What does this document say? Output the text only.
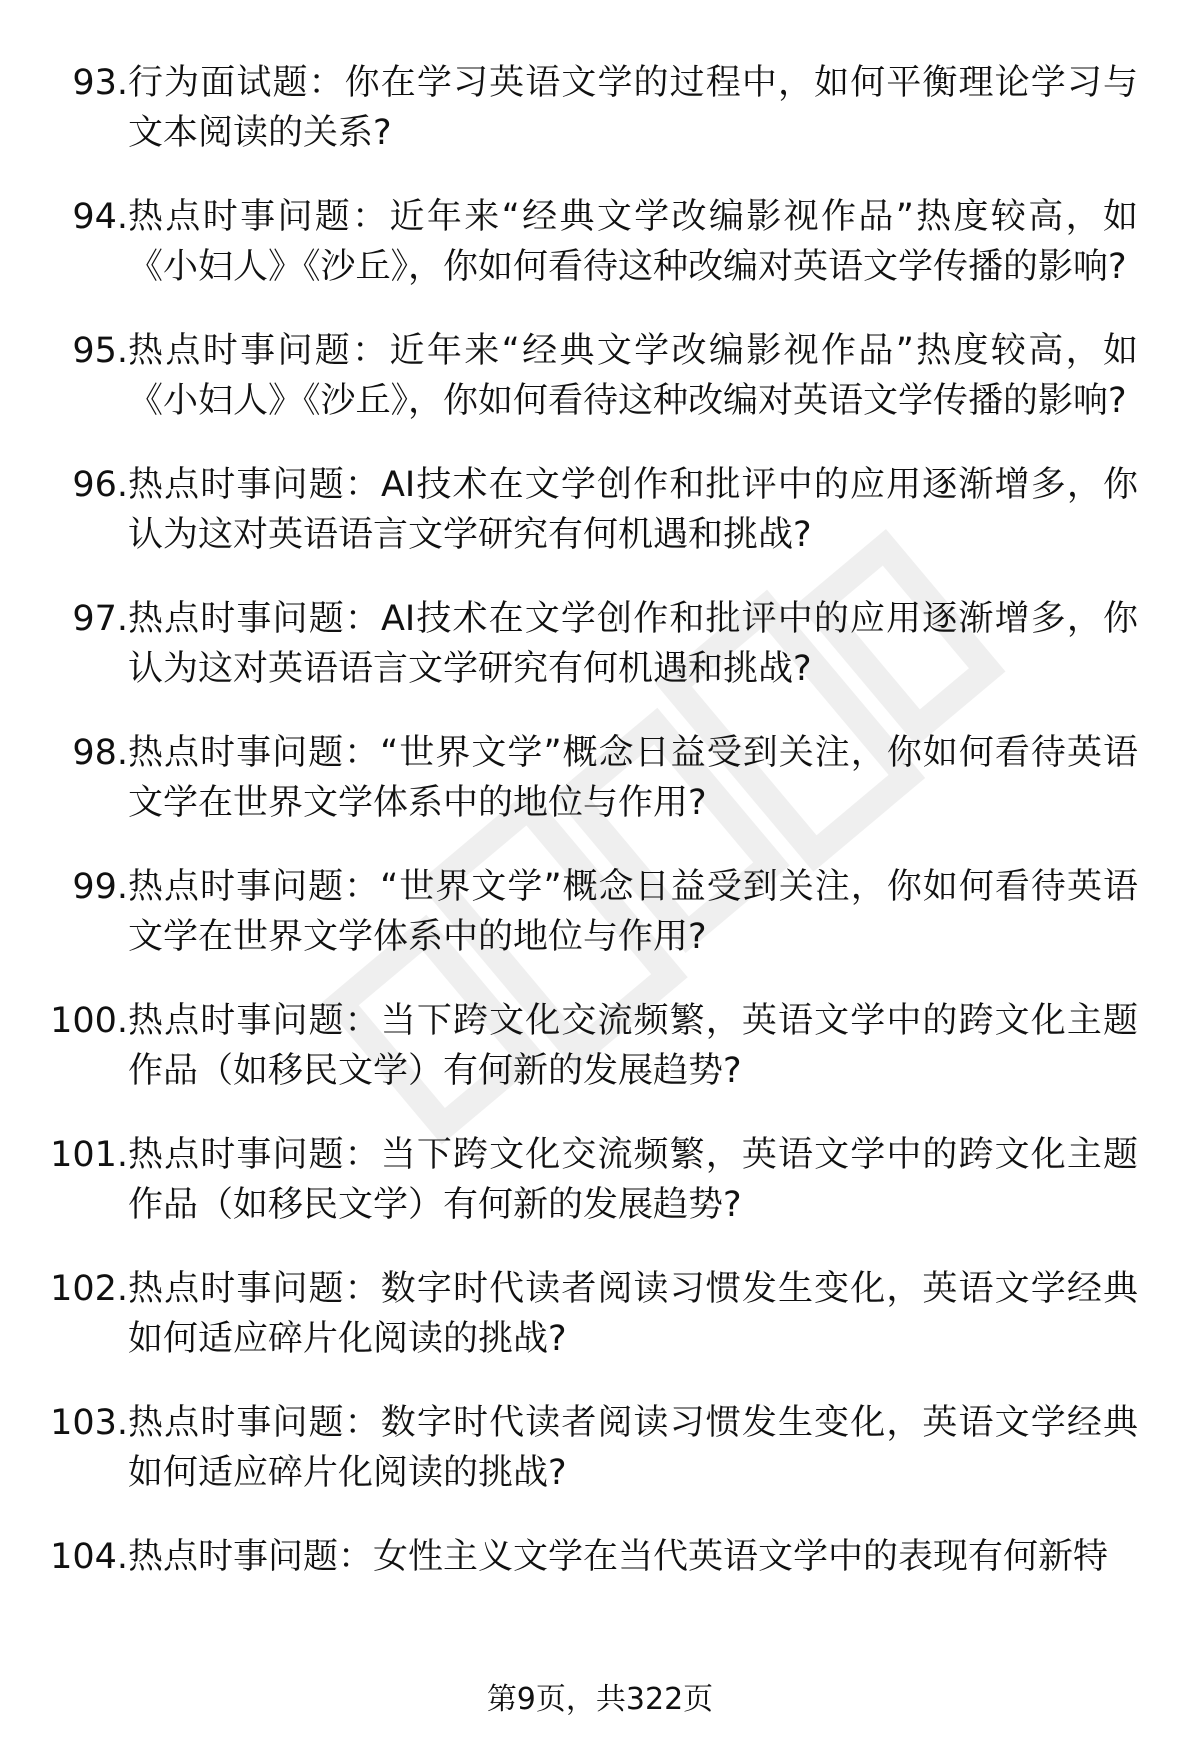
93. 行为面试题：你在学习英语文学的过程中，如何平衡理论学习与文本阅读的关系?
94. 热点时事问题：近年来“经典文学改编影视作品”热度较高，如《小妇人》《沙丘》，你如何看待这种改编对英语文学传播的影响?
95. 热点时事问题：近年来“经典文学改编影视作品”热度较高，如《小妇人》《沙丘》，你如何看待这种改编对英语文学传播的影响?
96. 热点时事问题：AI技术在文学创作和批评中的应用逐渐增多，你认为这对英语语言文学研究有何机遇和挑战?
97. 热点时事问题：AI技术在文学创作和批评中的应用逐渐增多，你认为这对英语语言文学研究有何机遇和挑战?
98. 热点时事问题：“世界文学”概念日益受到关注，你如何看待英语文学在世界文学体系中的地位与作用?
99. 热点时事问题：“世界文学”概念日益受到关注，你如何看待英语文学在世界文学体系中的地位与作用?
100. 热点时事问题：当下跨文化交流频繁，英语文学中的跨文化主题作品（如移民文学）有何新的发展趋势?
101. 热点时事问题：当下跨文化交流频繁，英语文学中的跨文化主题作品（如移民文学）有何新的发展趋势?
102. 热点时事问题：数字时代读者阅读习惯发生变化，英语文学经典如何适应碎片化阅读的挑战?
103. 热点时事问题：数字时代读者阅读习惯发生变化，英语文学经典如何适应碎片化阅读的挑战?
104. 热点时事问题：女性主义文学在当代英语文学中的表现有何新特
第9页，共322页
